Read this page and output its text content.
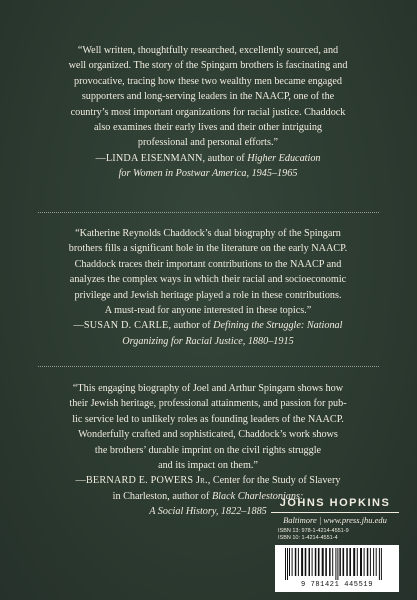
“Well written, thoughtfully researched, excellently sourced, and
well organized. The story of the Spingarn brothers is fascinating and
provocative, tracing how these two wealthy men became engaged
supporters and long-serving leaders in the NAACP, one of the
country’s most important organizations for racial justice. Chaddock
also examines their early lives and their other intriguing
professional and personal efforts.”

—LINDA EISENMANN, author of Higher Education
for Women in Postwar America, 1945–1965

“Katherine Reynolds Chaddock’s dual biography of the Spingarn
brothers fills a significant hole in the literature on the early NAACP.
Chaddock traces their important contributions to the NAACP and
analyzes the complex ways in which their racial and socioeconomic
privilege and Jewish heritage played a role in these contributions.
A must-read for anyone interested in these topics.”

—SUSAN D. CARLE, author of Defining the Struggle: National
Organizing for Racial Justice, 1880–1915

“This engaging biography of Joel and Arthur Spingarn shows how
their Jewish heritage, professional attainments, and passion for pub-
lic service led to unlikely roles as founding leaders of the NAACP.
Wonderfully crafted and sophisticated, Chaddock’s work shows
the brothers’ durable imprint on the civil rights struggle
and its impact on them.”

—BERNARD E. POWERS Jr., Center for the Study of Slavery
in Charleston, author of Black Charlestonians:
A Social History, 1822–1885

JOHNS HOPKINS
Baltimore | www.press.jhu.edu
ISBN 13: 978-1-4214-4551-9
ISBN 10: 1-4214-4551-4
9 781421 445519
